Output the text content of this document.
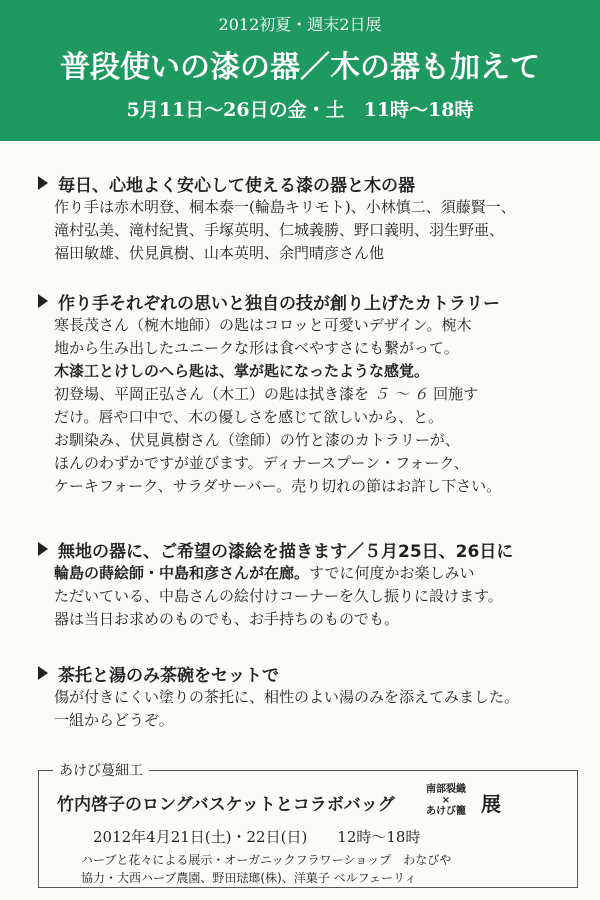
2012初夏・週末2日展
普段使いの漆の器／木の器も加えて
5月11日〜26日の金・土　11時〜18時
毎日、心地よく安心して使える漆の器と木の器
作り手は赤木明登、桐本泰一(輪島キリモト)、小林慎二、須藤賢一、
滝村弘美、滝村紀貴、手塚英明、仁城義勝、野口義明、羽生野亜、
福田敏雄、伏見眞樹、山本英明、余門晴彦さん他
作り手それぞれの思いと独自の技が創り上げたカトラリー
寒長茂さん（椀木地師）の匙はコロッと可愛いデザイン。椀木
地から生み出したユニークな形は食べやすさにも繋がって。
木漆工とけしのへら匙は、掌が匙になったような感覚。
初登場、平岡正弘さん（木工）の匙は拭き漆を ５ 〜 ６ 回施す
だけ。唇や口中で、木の優しさを感じて欲しいから、と。
お馴染み、伏見眞樹さん（塗師）の竹と漆のカトラリーが、
ほんのわずかですが並びます。ディナースプーン・フォーク、
ケーキフォーク、サラダサーバー。売り切れの節はお許し下さい。
無地の器に、ご希望の漆絵を描きます／５月25日、26日に
輪島の蒔絵師・中島和彦さんが在廊。すでに何度かお楽しみい
ただいている、中島さんの絵付けコーナーを久し振りに設けます。
器は当日お求めのものでも、お手持ちのものでも。
茶托と湯のみ茶碗をセットで
傷が付きにくい塗りの茶托に、相性のよい湯のみを添えてみました。
一組からどうぞ。
あけび蔓細工
竹内啓子のロングバスケットとコラボバッグ
南部裂織
×
あけび籠 展
2012年4月21日(土)・22日(日)　　12時〜18時
ハーブと花々による展示・オーガニックフラワーショップ　わなびや
協力・大西ハーブ農園、野田琺瑯(株)、洋菓子 ベルフェーリィ
